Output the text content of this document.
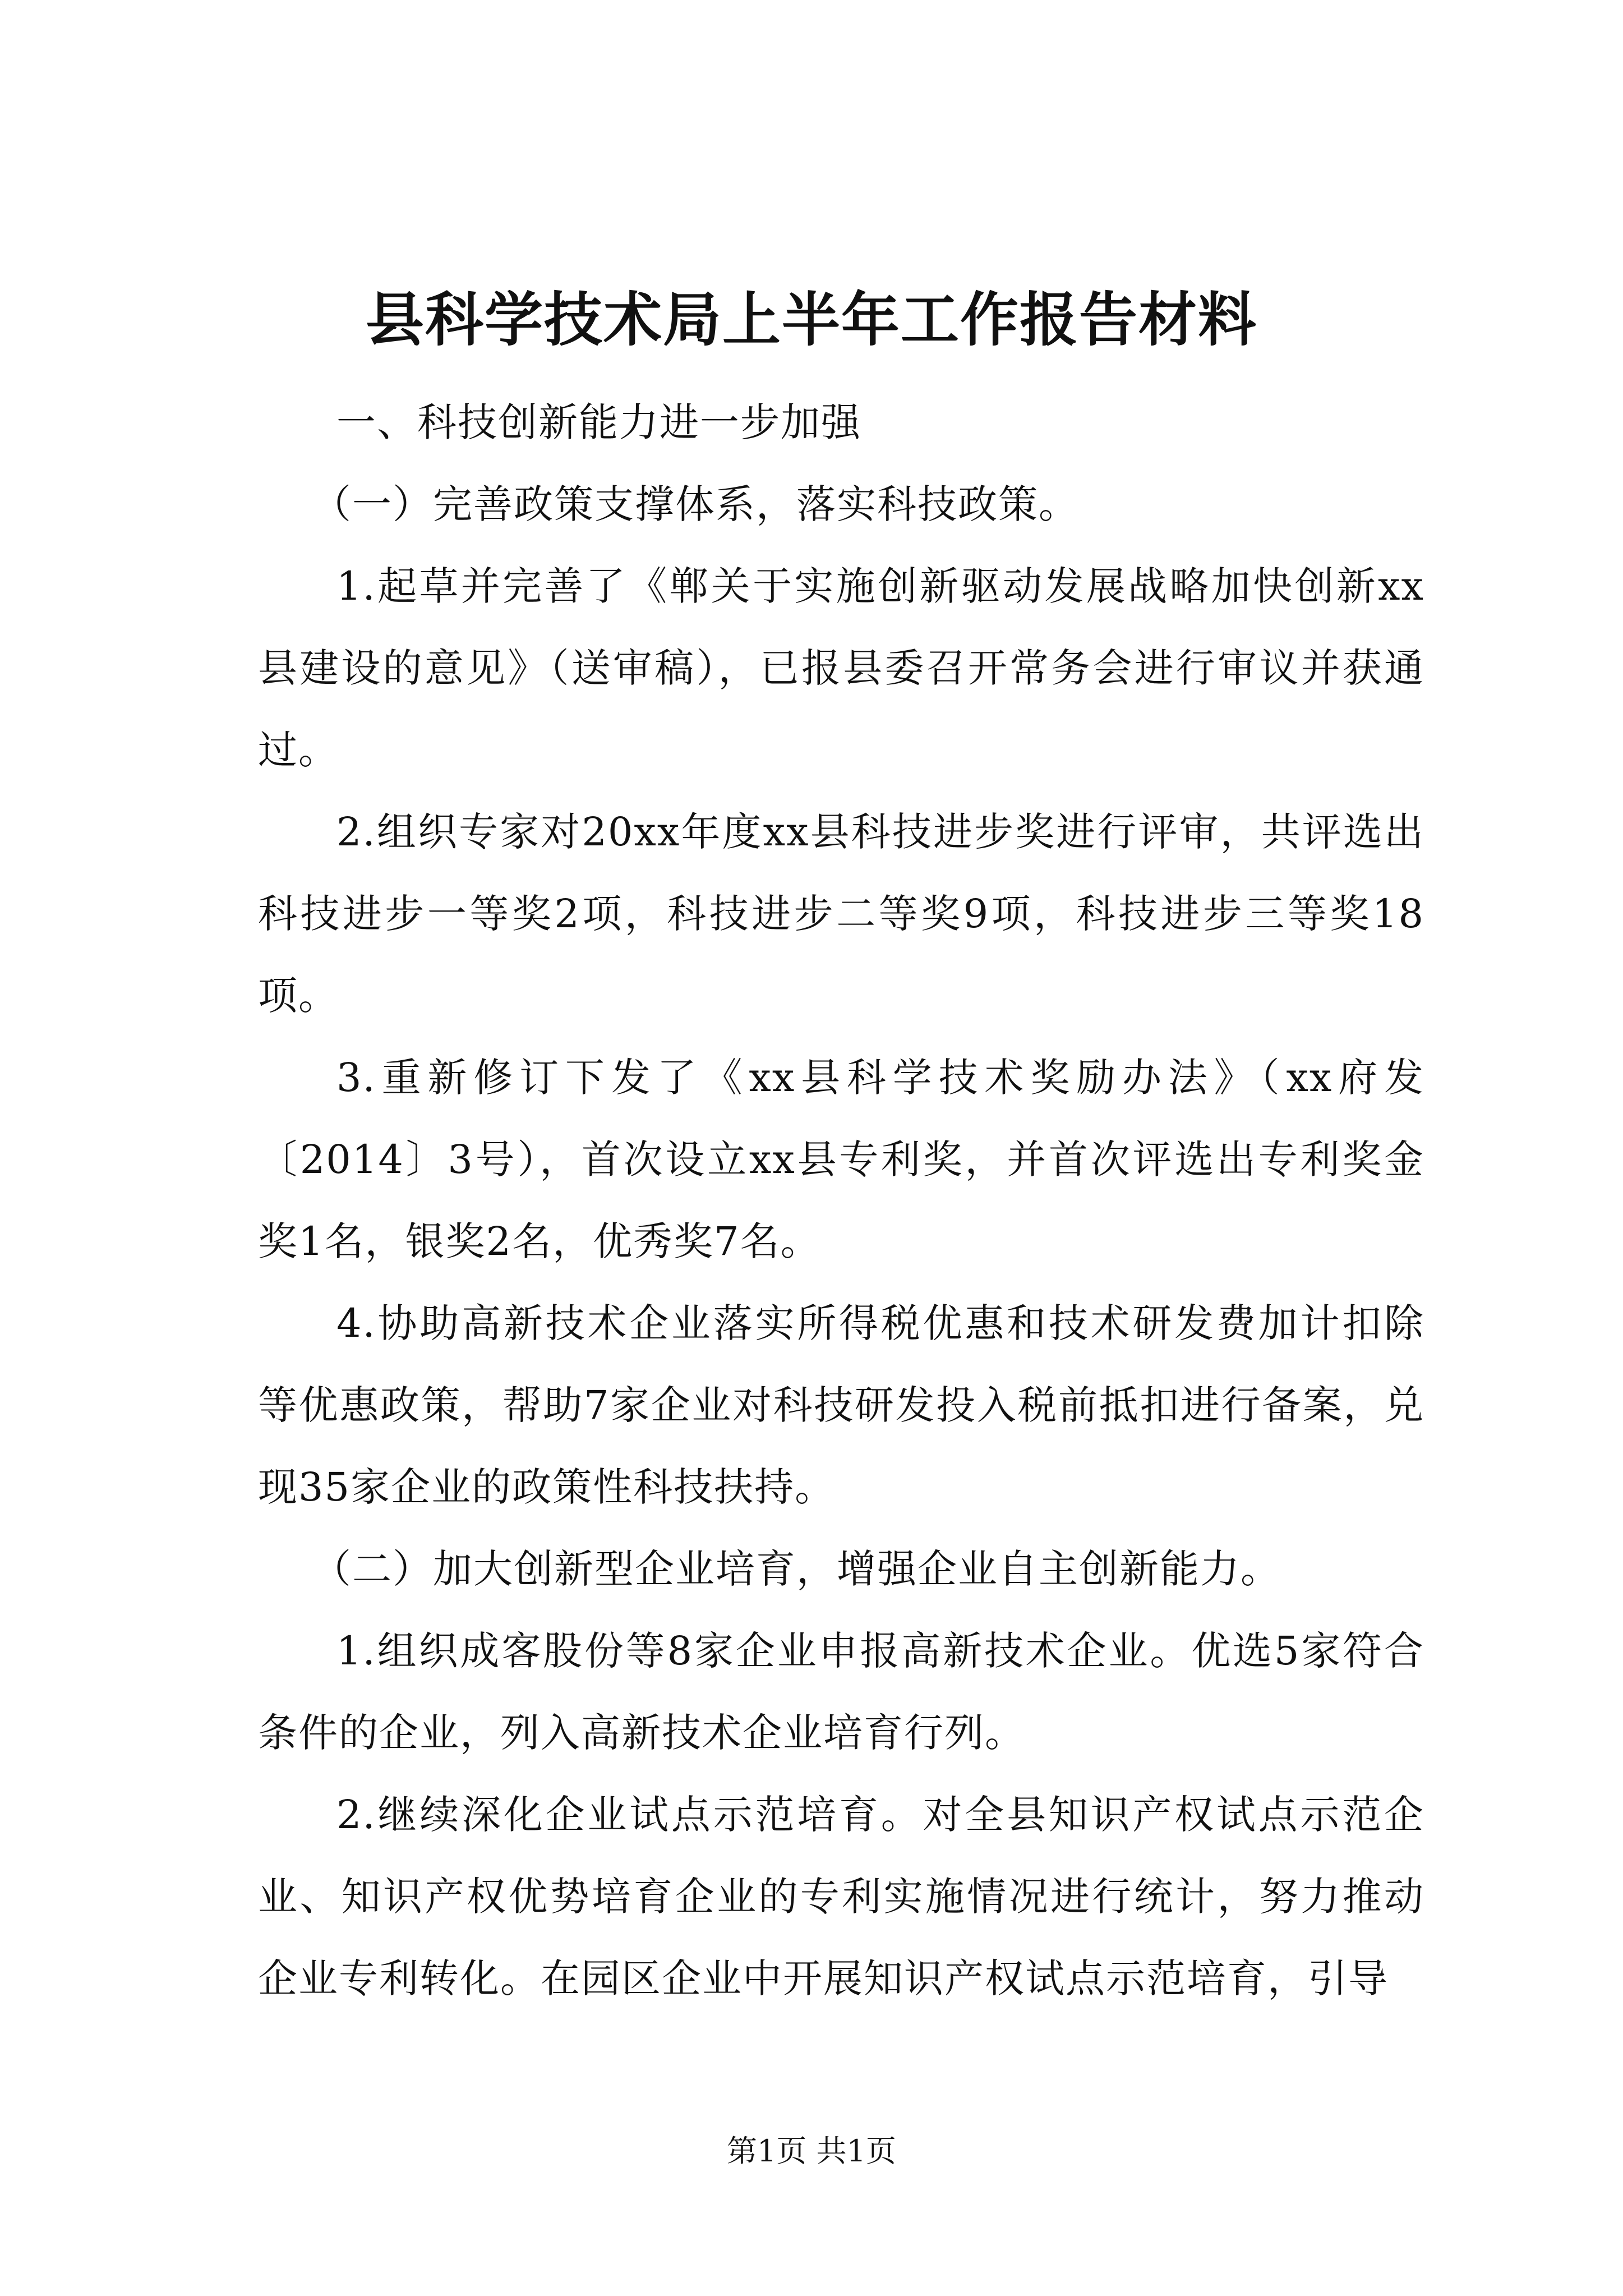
县科学技术局上半年工作报告材料

一、科技创新能力进一步加强

（一）完善政策支撑体系，落实科技政策。

1.起草并完善了《郸关于实施创新驱动发展战略加快创新xx县建设的意见》（送审稿），已报县委召开常务会进行审议并获通过。

2.组织专家对20xx年度xx县科技进步奖进行评审，共评选出科技进步一等奖2项，科技进步二等奖9项，科技进步三等奖18项。

3.重新修订下发了《xx县科学技术奖励办法》（xx府发〔2014〕3号），首次设立xx县专利奖，并首次评选出专利奖金奖1名，银奖2名，优秀奖7名。

4.协助高新技术企业落实所得税优惠和技术研发费加计扣除等优惠政策，帮助7家企业对科技研发投入税前抵扣进行备案，兑现35家企业的政策性科技扶持。

（二）加大创新型企业培育，增强企业自主创新能力。

1.组织成客股份等8家企业申报高新技术企业。优选5家符合条件的企业，列入高新技术企业培育行列。

2.继续深化企业试点示范培育。对全县知识产权试点示范企业、知识产权优势培育企业的专利实施情况进行统计，努力推动企业专利转化。在园区企业中开展知识产权试点示范培育，引导

第1页 共1页
